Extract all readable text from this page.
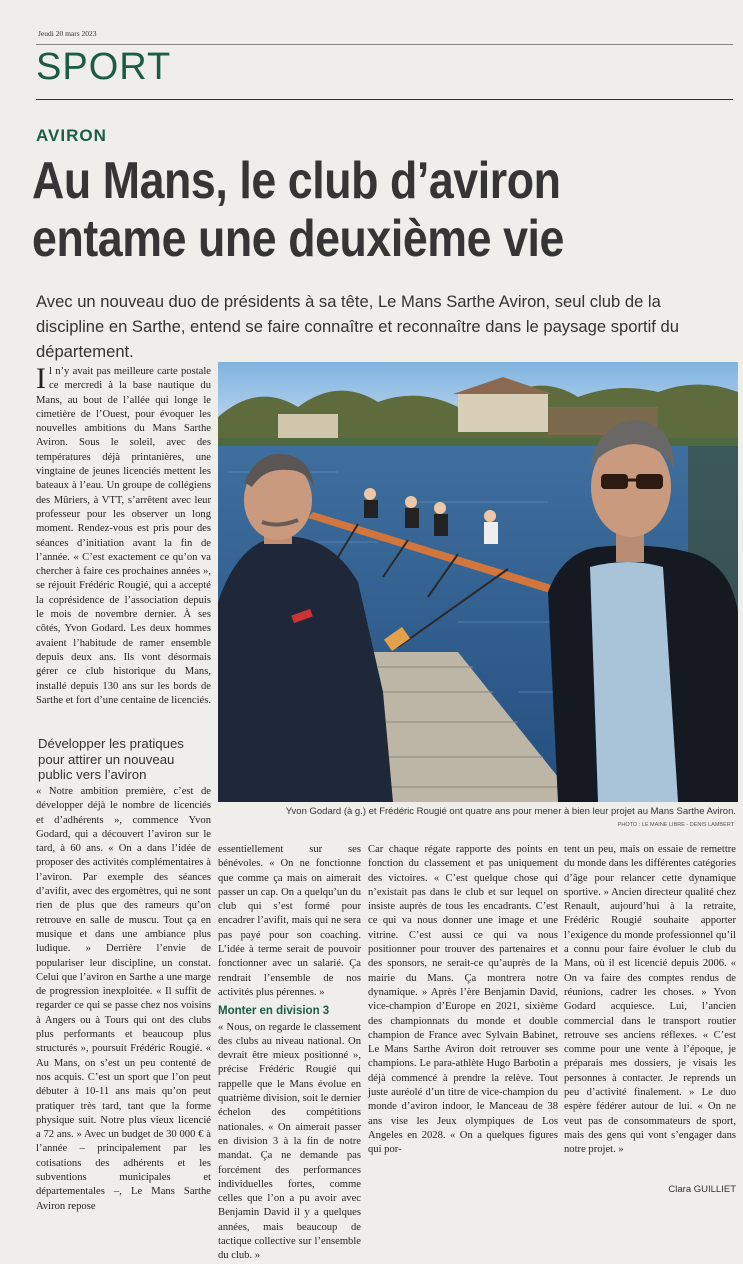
Jeudi 20 mars 2023
SPORT
AVIRON
Au Mans, le club d’aviron
entame une deuxième vie
Avec un nouveau duo de présidents à sa tête, Le Mans Sarthe Aviron, seul club de la discipline en Sarthe, entend se faire connaître et reconnaître dans le paysage sportif du département.
Il n’y avait pas meilleure carte postale ce mercredi à la base nautique du Mans, au bout de l’allée qui longe le cimetière de l’Ouest, pour évoquer les nouvelles ambitions du Mans Sarthe Aviron. Sous le soleil, avec des températures déjà printanières, une vingtaine de jeunes licenciés mettent les bateaux à l’eau. Un groupe de collégiens des Mûriers, à VTT, s’arrêtent avec leur professeur pour les observer un long moment. Rendez-vous est pris pour des séances d’initiation avant la fin de l’année. « C’est exactement ce qu’on va chercher à faire ces prochaines années », se réjouit Frédéric Rougié, qui a accepté la coprésidence de l’association depuis le mois de novembre dernier. À ses côtés, Yvon Godard. Les deux hommes avaient l’habitude de ramer ensemble depuis deux ans. Ils vont désormais gérer ce club historique du Mans, installé depuis 130 ans sur les bords de Sarthe et fort d’une centaine de licenciés.
Développer les pratiques pour attirer un nouveau public vers l’aviron

« Notre ambition première, c’est de développer déjà le nombre de licenciés et d’adhérents », commence Yvon Godard, qui a découvert l’aviron sur le tard, à 60 ans. « On a dans l’idée de proposer des activités complémentaires à l’aviron. Par exemple des séances d’avifit, avec des ergomètres, qui ne sont rien de plus que des rameurs qu’on retrouve en salle de muscu. Tout ça en musique et dans une ambiance plus ludique. » Derrière l’envie de populariser leur discipline, un constat. Celui que l’aviron en Sarthe a une marge de progression inexploitée. « Il suffit de regarder ce qui se passe chez nos voisins à Angers ou à Tours qui ont des clubs plus performants et beaucoup plus structurés », poursuit Frédéric Rougié. « Au Mans, on s’est un peu contenté de nos acquis. C’est un sport que l’on peut débuter à 10-11 ans mais qu’on peut pratiquer très tard, tant que la forme physique suit. Notre plus vieux licencié a 72 ans. » Avec un budget de 30 000 € à l’année – principalement par les cotisations des adhérents et les subventions municipales et départementales –, Le Mans Sarthe Aviron repose

Yvon Godard (à g.) et Frédéric Rougié ont quatre ans pour mener à bien leur projet au Mans Sarthe Aviron.
PHOTO : LE MAINE LIBRE - DENIS LAMBERT

essentiellement sur ses bénévoles. « On ne fonctionne que comme ça mais on aimerait passer un cap. On a quelqu’un du club qui s’est formé pour encadrer l’avifit, mais qui ne sera pas payé pour son coaching. L’idée à terme serait de pouvoir fonctionner avec un salarié. Ça rendrait l’ensemble de nos activités plus pérennes. »

Monter en division 3

« Nous, on regarde le classement des clubs au niveau national. On devrait être mieux positionné », précise Frédéric Rougié qui rappelle que le Mans évolue en quatrième division, soit le dernier échelon des compétitions nationales. « On aimerait passer en division 3 à la fin de notre mandat. Ça ne demande pas forcément des performances individuelles fortes, comme celles que l’on a pu avoir avec Benjamin David il y a quelques années, mais beaucoup de tactique collective sur l’ensemble du club. »

Car chaque régate rapporte des points en fonction du classement et pas uniquement des victoires. « C’est quelque chose qui n’existait pas dans le club et sur lequel on insiste auprès de tous les encadrants. C’est ce qui va nous donner une image et une vitrine. C’est aussi ce qui va nous positionner pour trouver des partenaires et des sponsors, ne serait-ce qu’auprès de la mairie du Mans. Ça montrera notre dynamique. » Après l’ère Benjamin David, vice-champion d’Europe en 2021, sixième des championnats du monde et double champion de France avec Sylvain Babinet, Le Mans Sarthe Aviron doit retrouver ses champions. Le para-athlète Hugo Barbotin a déjà commencé à prendre la relève. Tout juste auréolé d’un titre de vice-champion du monde d’aviron indoor, le Manceau de 38 ans vise les Jeux olympiques de Los Angeles en 2028. « On a quelques figures qui por-

tent un peu, mais on essaie de remettre du monde dans les différentes catégories d’âge pour relancer cette dynamique sportive. » Ancien directeur qualité chez Renault, aujourd’hui à la retraite, Frédéric Rougié souhaite apporter l’exigence du monde professionnel qu’il a connu pour faire évoluer le club du Mans, où il est licencié depuis 2006. « On va faire des comptes rendus de réunions, cadrer les choses. » Yvon Godard acquiesce. Lui, l’ancien commercial dans le transport routier retrouve ses anciens réflexes. « C’est comme pour une vente à l’époque, je préparais mes dossiers, je visais les personnes à contacter. Je reprends un peu d’activité finalement. » Le duo espère fédérer autour de lui. « On ne veut pas de consommateurs de sport, mais des gens qui vont s’engager dans notre projet. »

Clara GUILLIET
